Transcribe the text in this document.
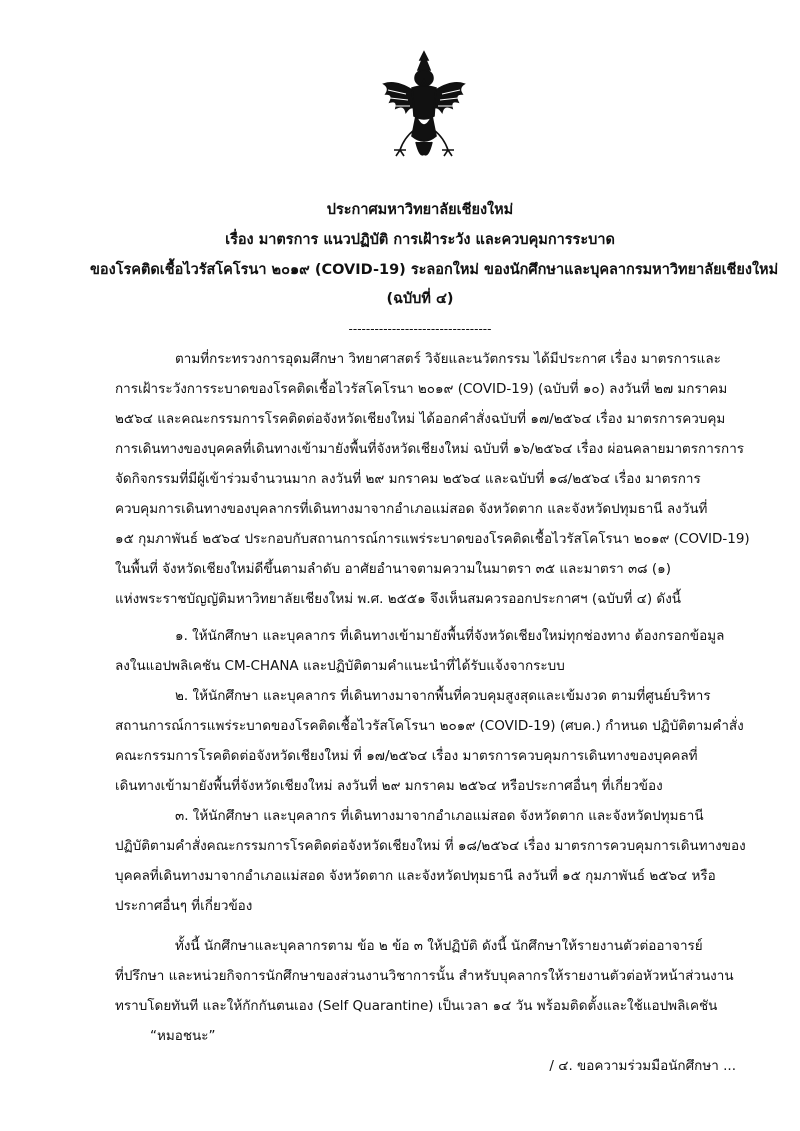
ประกาศมหาวิทยาลัยเชียงใหม่
เรื่อง มาตรการ แนวปฏิบัติ การเฝ้าระวัง และควบคุมการระบาด
ของโรคติดเชื้อไวรัสโคโรนา ๒๐๑๙ (COVID-19) ระลอกใหม่ ของนักศึกษาและบุคลากรมหาวิทยาลัยเชียงใหม่
(ฉบับที่ ๔)
---------------------------------
ตามที่กระทรวงการอุดมศึกษา วิทยาศาสตร์ วิจัยและนวัตกรรม ได้มีประกาศ เรื่อง มาตรการและ
การเฝ้าระวังการระบาดของโรคติดเชื้อไวรัสโคโรนา ๒๐๑๙ (COVID-19) (ฉบับที่ ๑๐) ลงวันที่ ๒๗ มกราคม
๒๕๖๔ และคณะกรรมการโรคติดต่อจังหวัดเชียงใหม่ ได้ออกคำสั่งฉบับที่ ๑๗/๒๕๖๔ เรื่อง มาตรการควบคุม
การเดินทางของบุคคลที่เดินทางเข้ามายังพื้นที่จังหวัดเชียงใหม่ ฉบับที่ ๑๖/๒๕๖๔ เรื่อง ผ่อนคลายมาตรการการ
จัดกิจกรรมที่มีผู้เข้าร่วมจำนวนมาก ลงวันที่ ๒๙ มกราคม ๒๕๖๔ และฉบับที่ ๑๘/๒๕๖๔ เรื่อง มาตรการ
ควบคุมการเดินทางของบุคลากรที่เดินทางมาจากอำเภอแม่สอด จังหวัดตาก และจังหวัดปทุมธานี ลงวันที่
๑๕ กุมภาพันธ์ ๒๕๖๔ ประกอบกับสถานการณ์การแพร่ระบาดของโรคติดเชื้อไวรัสโคโรนา ๒๐๑๙ (COVID-19)
ในพื้นที่ จังหวัดเชียงใหม่ดีขึ้นตามลำดับ อาศัยอำนาจตามความในมาตรา ๓๕ และมาตรา ๓๘ (๑)
แห่งพระราชบัญญัติมหาวิทยาลัยเชียงใหม่ พ.ศ. ๒๕๕๑ จึงเห็นสมควรออกประกาศฯ (ฉบับที่ ๔) ดังนี้
๑. ให้นักศึกษา และบุคลากร ที่เดินทางเข้ามายังพื้นที่จังหวัดเชียงใหม่ทุกช่องทาง ต้องกรอกข้อมูล
ลงในแอปพลิเคชัน CM-CHANA และปฏิบัติตามคำแนะนำที่ได้รับแจ้งจากระบบ
๒. ให้นักศึกษา และบุคลากร ที่เดินทางมาจากพื้นที่ควบคุมสูงสุดและเข้มงวด ตามที่ศูนย์บริหาร
สถานการณ์การแพร่ระบาดของโรคติดเชื้อไวรัสโคโรนา ๒๐๑๙ (COVID-19) (ศบค.) กำหนด ปฏิบัติตามคำสั่ง
คณะกรรมการโรคติดต่อจังหวัดเชียงใหม่ ที่ ๑๗/๒๕๖๔ เรื่อง มาตรการควบคุมการเดินทางของบุคคลที่
เดินทางเข้ามายังพื้นที่จังหวัดเชียงใหม่ ลงวันที่ ๒๙ มกราคม ๒๕๖๔ หรือประกาศอื่นๆ ที่เกี่ยวข้อง
๓. ให้นักศึกษา และบุคลากร ที่เดินทางมาจากอำเภอแม่สอด จังหวัดตาก และจังหวัดปทุมธานี
ปฏิบัติตามคำสั่งคณะกรรมการโรคติดต่อจังหวัดเชียงใหม่ ที่ ๑๘/๒๕๖๔ เรื่อง มาตรการควบคุมการเดินทางของ
บุคคลที่เดินทางมาจากอำเภอแม่สอด จังหวัดตาก และจังหวัดปทุมธานี ลงวันที่ ๑๕ กุมภาพันธ์ ๒๕๖๔ หรือ
ประกาศอื่นๆ ที่เกี่ยวข้อง
ทั้งนี้ นักศึกษาและบุคลากรตาม ข้อ ๒ ข้อ ๓ ให้ปฏิบัติ ดังนี้ นักศึกษาให้รายงานตัวต่ออาจารย์
ที่ปรึกษา และหน่วยกิจการนักศึกษาของส่วนงานวิชาการนั้น สำหรับบุคลากรให้รายงานตัวต่อหัวหน้าส่วนงาน
ทราบโดยทันที และให้กักกันตนเอง (Self Quarantine) เป็นเวลา ๑๔ วัน พร้อมติดตั้งและใช้แอปพลิเคชัน
“หมอชนะ”
/ ๔. ขอความร่วมมือนักศึกษา ...
